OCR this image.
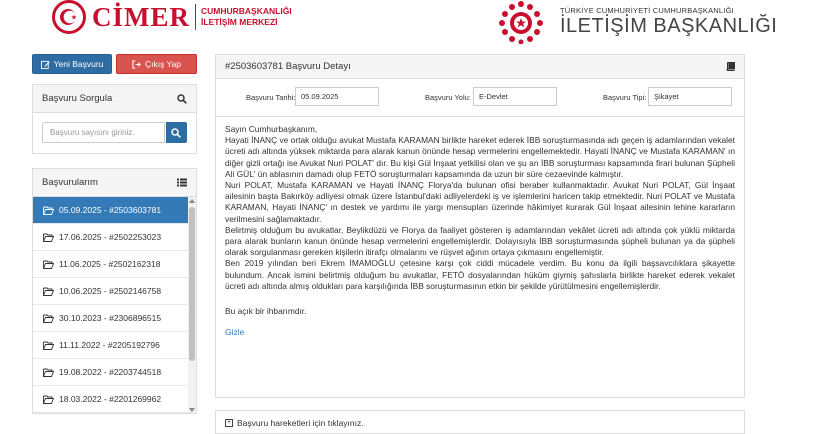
CİMER CUMHURBAŞKANLIĞI
İLETİŞİM MERKEZİ
TÜRKİYE CUMHURİYETİ CUMHURBAŞKANLIĞI
İLETİŞİM BAŞKANLIĞI
Yeni Başvuru	Çıkış Yap
Başvuru Sorgula
Başvuru sayısını giriniz.
Başvurularım
05.09.2025 - #2503603781
17.06.2025 - #2502253023
11.06.2025 - #2502162318
10.06.2025 - #2502146758
30.10.2023 - #2306896515
11.11.2022 - #2205192796
19.08.2022 - #2203744518
18.03.2022 - #2201269962
#2503603781 Başvuru Detayı
Başvuru Tarihi: 05.09.2025	Başvuru Yolu:	E-Devlet	Başvuru Tipi:	Şikayet

Sayın Cumhurbaşkanım,

Hayati İNANÇ ve ortak olduğu avukat Mustafa KARAMAN birlikte hareket ederek İBB soruşturmasında adı geçen iş adamlarından vekalet ücreti adı altında yüksek miktarda para alarak kanun önünde hesap vermelerini engellemektedir. Hayati İNANÇ ve Mustafa KARAMAN' ın diğer gizli ortağı ise Avukat Nuri POLAT' dır. Bu kişi Gül İnşaat yetkilisi olan ve şu an İBB soruşturması kapsamında firari bulunan Şüpheli Ali GÜL' ün ablasının damadı olup FETÖ soruşturmaları kapsamında da uzun bir süre cezaevinde kalmıştır.

Nuri POLAT, Mustafa KARAMAN ve Hayati İNANÇ Florya'da bulunan ofisi beraber kullanmaktadır. Avukat Nuri POLAT, Gül İnşaat ailesinin başta Bakırköy adliyesi olmak üzere İstanbul'daki adliyelerdeki iş ve işlemlerini haricen takip etmektedir. Nuri POLAT ve Mustafa KARAMAN, Hayati İNANÇ' ın destek ve yardımı ile yargı mensupları üzerinde hâkimiyet kurarak Gül İnşaat ailesinin lehine kararların verilmesini sağlamaktadır.

Belirtmiş olduğum bu avukatlar, Beylikdüzü ve Florya da faaliyet gösteren iş adamlarından vekâlet ücreti adı altında çok yüklü miktarda para alarak bunların kanun önünde hesap vermelerini engellemişlerdir. Dolayısıyla İBB soruşturmasında şüpheli bulunan ya da şüpheli olarak sorgulanması gereken kişilerin itirafçı olmalarını ve rüşvet ağının ortaya çıkmasını engellemiştir.

Ben 2019 yılından beri Ekrem İMAMOĞLU çetesine karşı çok ciddi mücadele verdim. Bu konu da ilgili başsavcılıklara şikayette bulundum. Ancak ismini belirtmiş olduğum bu avukatlar, FETÖ dosyalarından hüküm giymiş şahıslarla birlikte hareket ederek vekalet ücreti adı altında almış oldukları para karşılığında İBB soruşturmasının etkin bir şekilde yürütülmesini engellemişlerdir.

Bu açık bir ihbarımdır.

Gizle
+ Başvuru hareketleri için tıklayınız.
